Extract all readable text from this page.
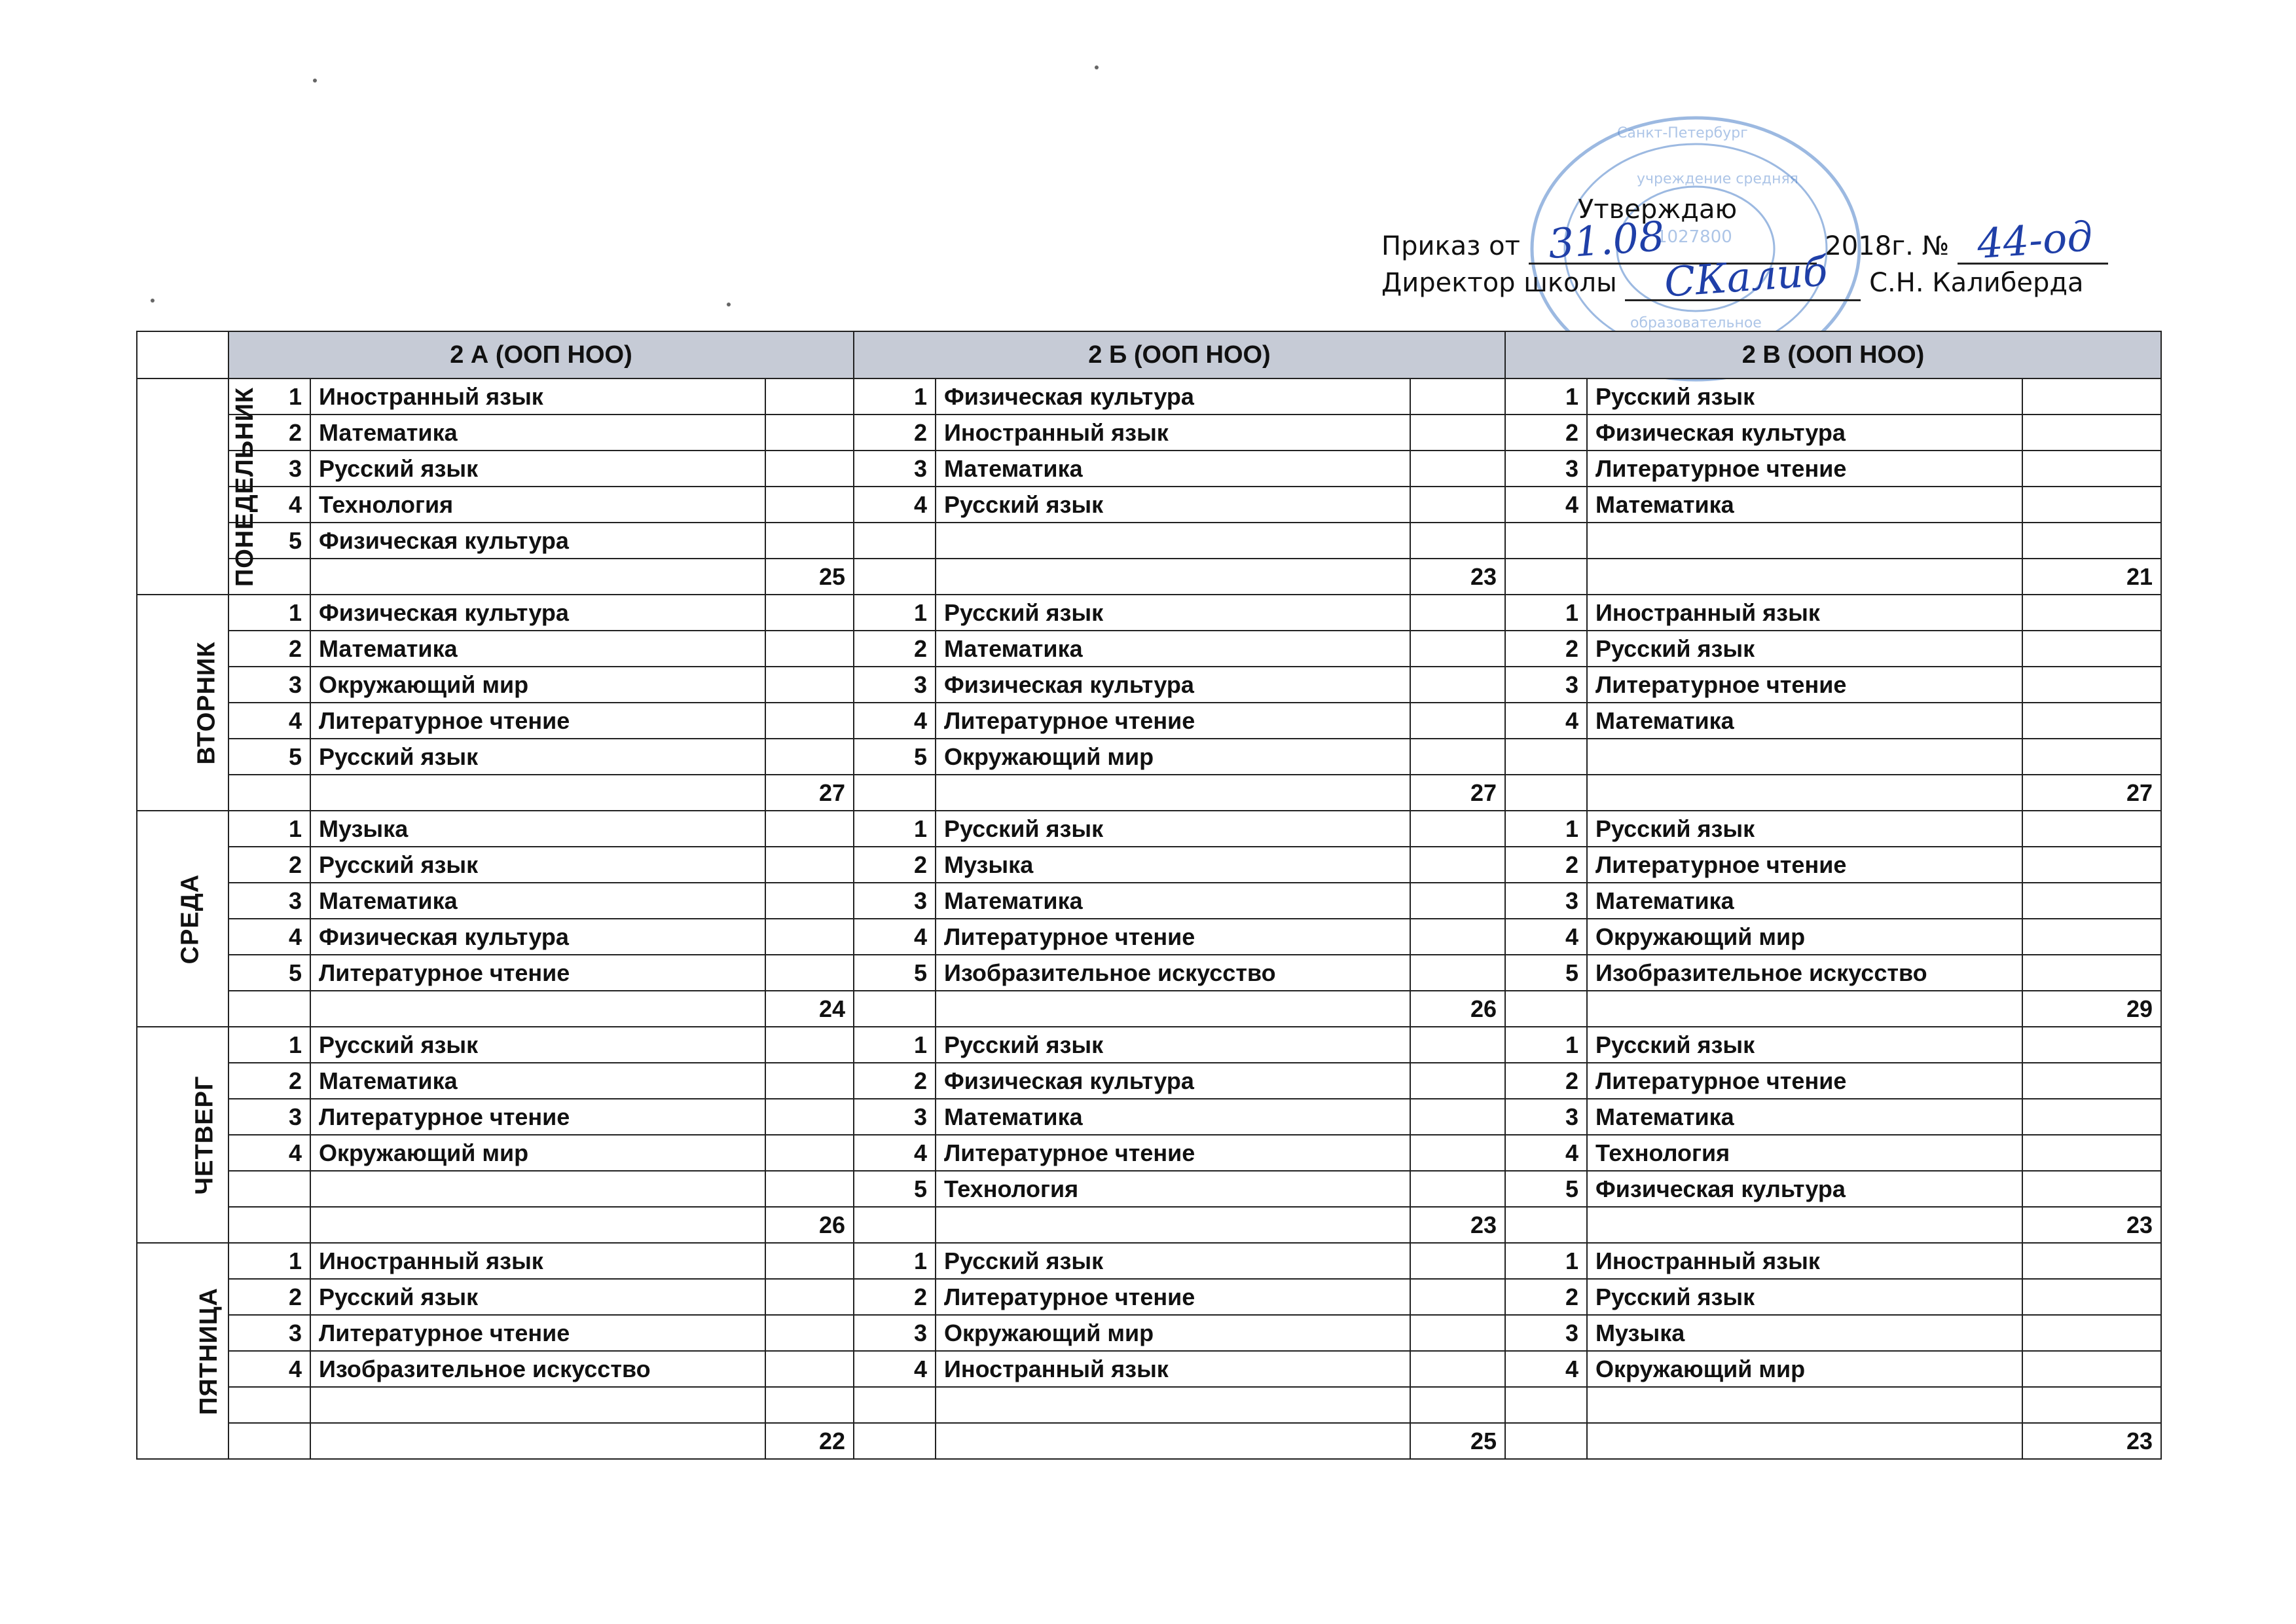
Санкт-Петербург
учреждение средняя
1027800
образовательное
Утверждаю
Приказ от 31.08	2018г. № 44-од
Директор школы СКалиб С.Н. Калиберда
	2 А (ООП НОО)			2 Б (ООП НОО)			2 В (ООП НОО)		
ПОНЕДЕЛЬНИК	1	Иностранный язык		1	Физическая культура		1	Русский язык	
	2	Математика		2	Иностранный язык		2	Физическая культура	
	3	Русский язык		3	Математика		3	Литературное чтение	
	4	Технология		4	Русский язык		4	Математика	
	5	Физическая культура							
			25			23			21
ВТОРНИК	1	Физическая культура		1	Русский язык		1	Иностранный язык	
	2	Математика		2	Математика		2	Русский язык	
	3	Окружающий мир		3	Физическая культура		3	Литературное чтение	
	4	Литературное чтение		4	Литературное чтение		4	Математика	
	5	Русский язык		5	Окружающий мир				
			27			27			27
СРЕДА	1	Музыка		1	Русский язык		1	Русский язык	
	2	Русский язык		2	Музыка		2	Литературное чтение	
	3	Математика		3	Математика		3	Математика	
	4	Физическая культура		4	Литературное чтение		4	Окружающий мир	
	5	Литературное чтение		5	Изобразительное искусство		5	Изобразительное искусство	
			24			26			29
ЧЕТВЕРГ	1	Русский язык		1	Русский язык		1	Русский язык	
	2	Математика		2	Физическая культура		2	Литературное чтение	
	3	Литературное чтение		3	Математика		3	Математика	
	4	Окружающий мир		4	Литературное чтение		4	Технология	
				5	Технология		5	Физическая культура	
			26			23			23
ПЯТНИЦА	1	Иностранный язык		1	Русский язык		1	Иностранный язык	
	2	Русский язык		2	Литературное чтение		2	Русский язык	
	3	Литературное чтение		3	Окружающий мир		3	Музыка	
	4	Изобразительное искусство		4	Иностранный язык		4	Окружающий мир	

			22			25			23
